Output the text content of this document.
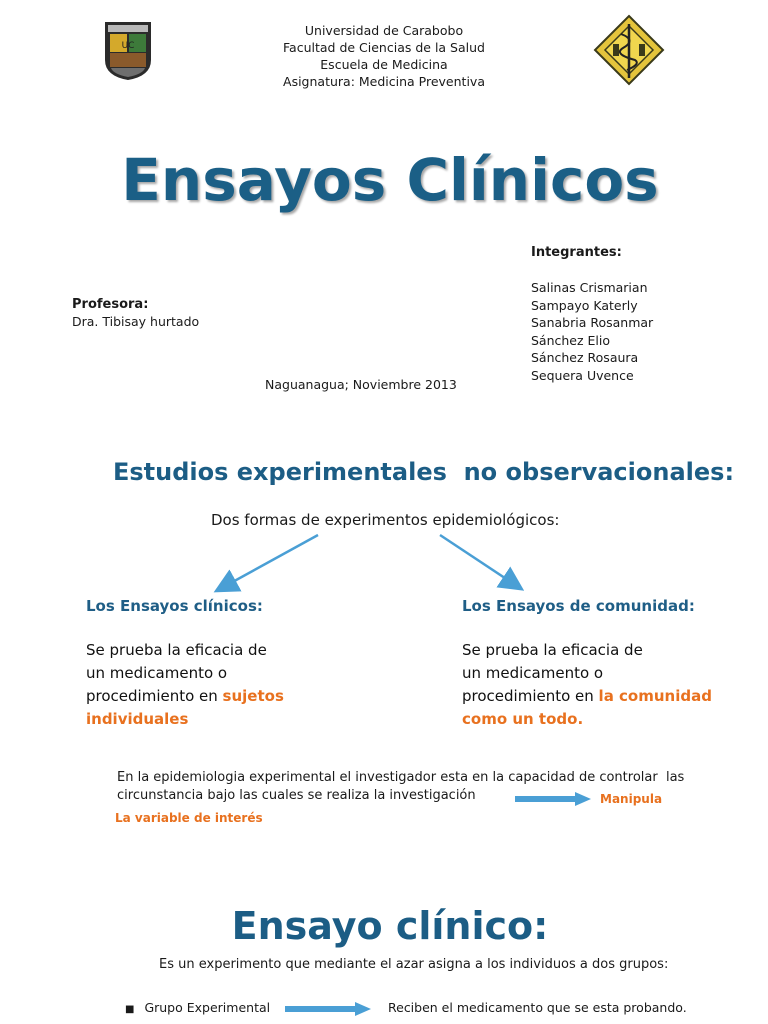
UC
Universidad de Carabobo
Facultad de Ciencias de la Salud
Escuela de Medicina
Asignatura: Medicina Preventiva
Ensayos Clínicos
Integrantes:
Salinas Crismarian
Sampayo Katerly
Sanabria Rosanmar
Sánchez Elio
Sánchez Rosaura
Sequera Uvence
Profesora:
Dra. Tibisay hurtado
Naguanagua; Noviembre 2013
Estudios experimentales  no observacionales:
Dos formas de experimentos epidemiológicos:
Los Ensayos clínicos:
Se prueba la eficacia de
un medicamento o
procedimiento en sujetos
individuales
Los Ensayos de comunidad:
Se prueba la eficacia de
un medicamento o
procedimiento en la comunidad
como un todo.
En la epidemiologia experimental el investigador esta en la capacidad de controlar  las
circunstancia bajo las cuales se realiza la investigación	Manipula
La variable de interés
Ensayo clínico:
Es un experimento que mediante el azar asigna a los individuos a dos grupos:
■ Grupo Experimental	Reciben el medicamento que se esta probando.
